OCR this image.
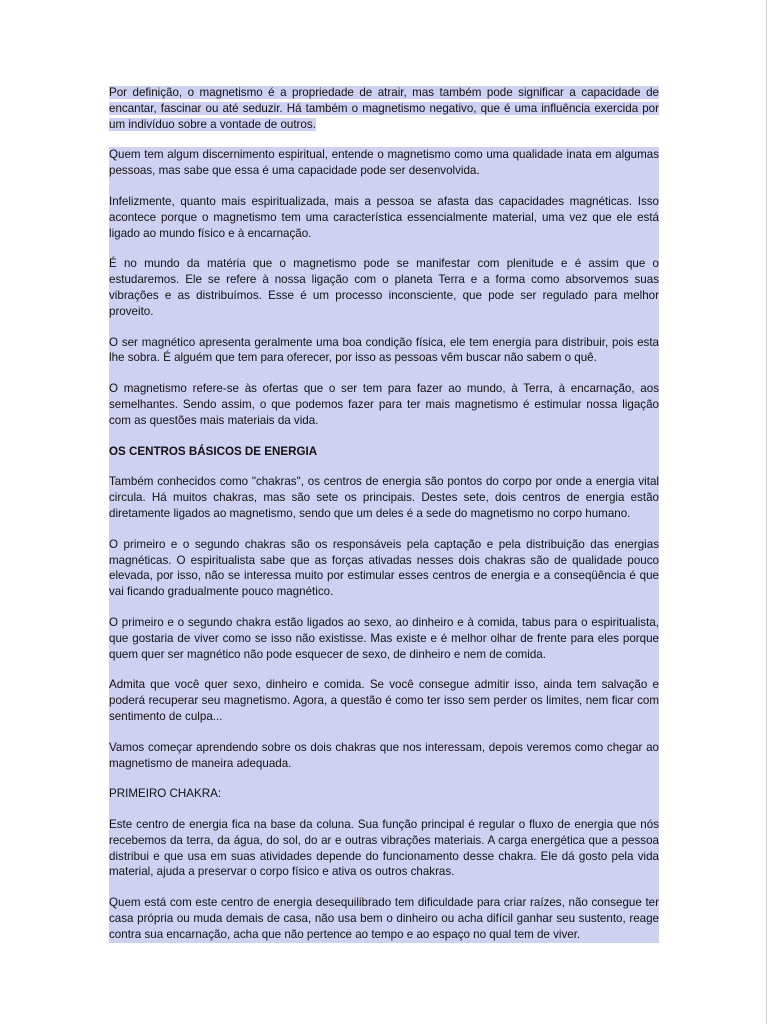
Por definição, o magnetismo é a propriedade de atrair, mas também pode significar a capacidade de encantar, fascinar ou até seduzir. Há também o magnetismo negativo, que é uma influência exercida por um indivíduo sobre a vontade de outros.

Quem tem algum discernimento espiritual, entende o magnetismo como uma qualidade inata em algumas pessoas, mas sabe que essa é uma capacidade pode ser desenvolvida.

Infelizmente, quanto mais espiritualizada, mais a pessoa se afasta das capacidades magnéticas. Isso acontece porque o magnetismo tem uma característica essencialmente material, uma vez que ele está ligado ao mundo físico e à encarnação.

É no mundo da matéria que o magnetismo pode se manifestar com plenitude e é assim que o estudaremos. Ele se refere à nossa ligação com o planeta Terra e a forma como absorvemos suas vibrações e as distribuímos. Esse é um processo inconsciente, que pode ser regulado para melhor proveito.

O ser magnético apresenta geralmente uma boa condição física, ele tem energia para distribuir, pois esta lhe sobra. É alguém que tem para oferecer, por isso as pessoas vêm buscar não sabem o quê.

O magnetismo refere-se às ofertas que o ser tem para fazer ao mundo, à Terra, à encarnação, aos semelhantes. Sendo assim, o que podemos fazer para ter mais magnetismo é estimular nossa ligação com as questões mais materiais da vida.

OS CENTROS BÁSICOS DE ENERGIA

Também conhecidos como "chakras", os centros de energia são pontos do corpo por onde a energia vital circula. Há muitos chakras, mas são sete os principais. Destes sete, dois centros de energia estão diretamente ligados ao magnetismo, sendo que um deles é a sede do magnetismo no corpo humano.

O primeiro e o segundo chakras são os responsáveis pela captação e pela distribuição das energias magnéticas. O espiritualista sabe que as forças ativadas nesses dois chakras são de qualidade pouco elevada, por isso, não se interessa muito por estimular esses centros de energia e a conseqüência é que vai ficando gradualmente pouco magnético.

O primeiro e o segundo chakra estão ligados ao sexo, ao dinheiro e à comida, tabus para o espiritualista, que gostaria de viver como se isso não existisse. Mas existe e é melhor olhar de frente para eles porque quem quer ser magnético não pode esquecer de sexo, de dinheiro e nem de comida.

Admita que você quer sexo, dinheiro e comida. Se você consegue admitir isso, ainda tem salvação e poderá recuperar seu magnetismo. Agora, a questão é como ter isso sem perder os limites, nem ficar com sentimento de culpa...

Vamos começar aprendendo sobre os dois chakras que nos interessam, depois veremos como chegar ao magnetismo de maneira adequada.

PRIMEIRO CHAKRA:

Este centro de energia fica na base da coluna. Sua função principal é regular o fluxo de energia que nós recebemos da terra, da água, do sol, do ar e outras vibrações materiais. A carga energética que a pessoa distribui e que usa em suas atividades depende do funcionamento desse chakra. Ele dá gosto pela vida material, ajuda a preservar o corpo físico e ativa os outros chakras.

Quem está com este centro de energia desequilibrado tem dificuldade para criar raízes, não consegue ter casa própria ou muda demais de casa, não usa bem o dinheiro ou acha difícil ganhar seu sustento, reage contra sua encarnação, acha que não pertence ao tempo e ao espaço no qual tem de viver.
